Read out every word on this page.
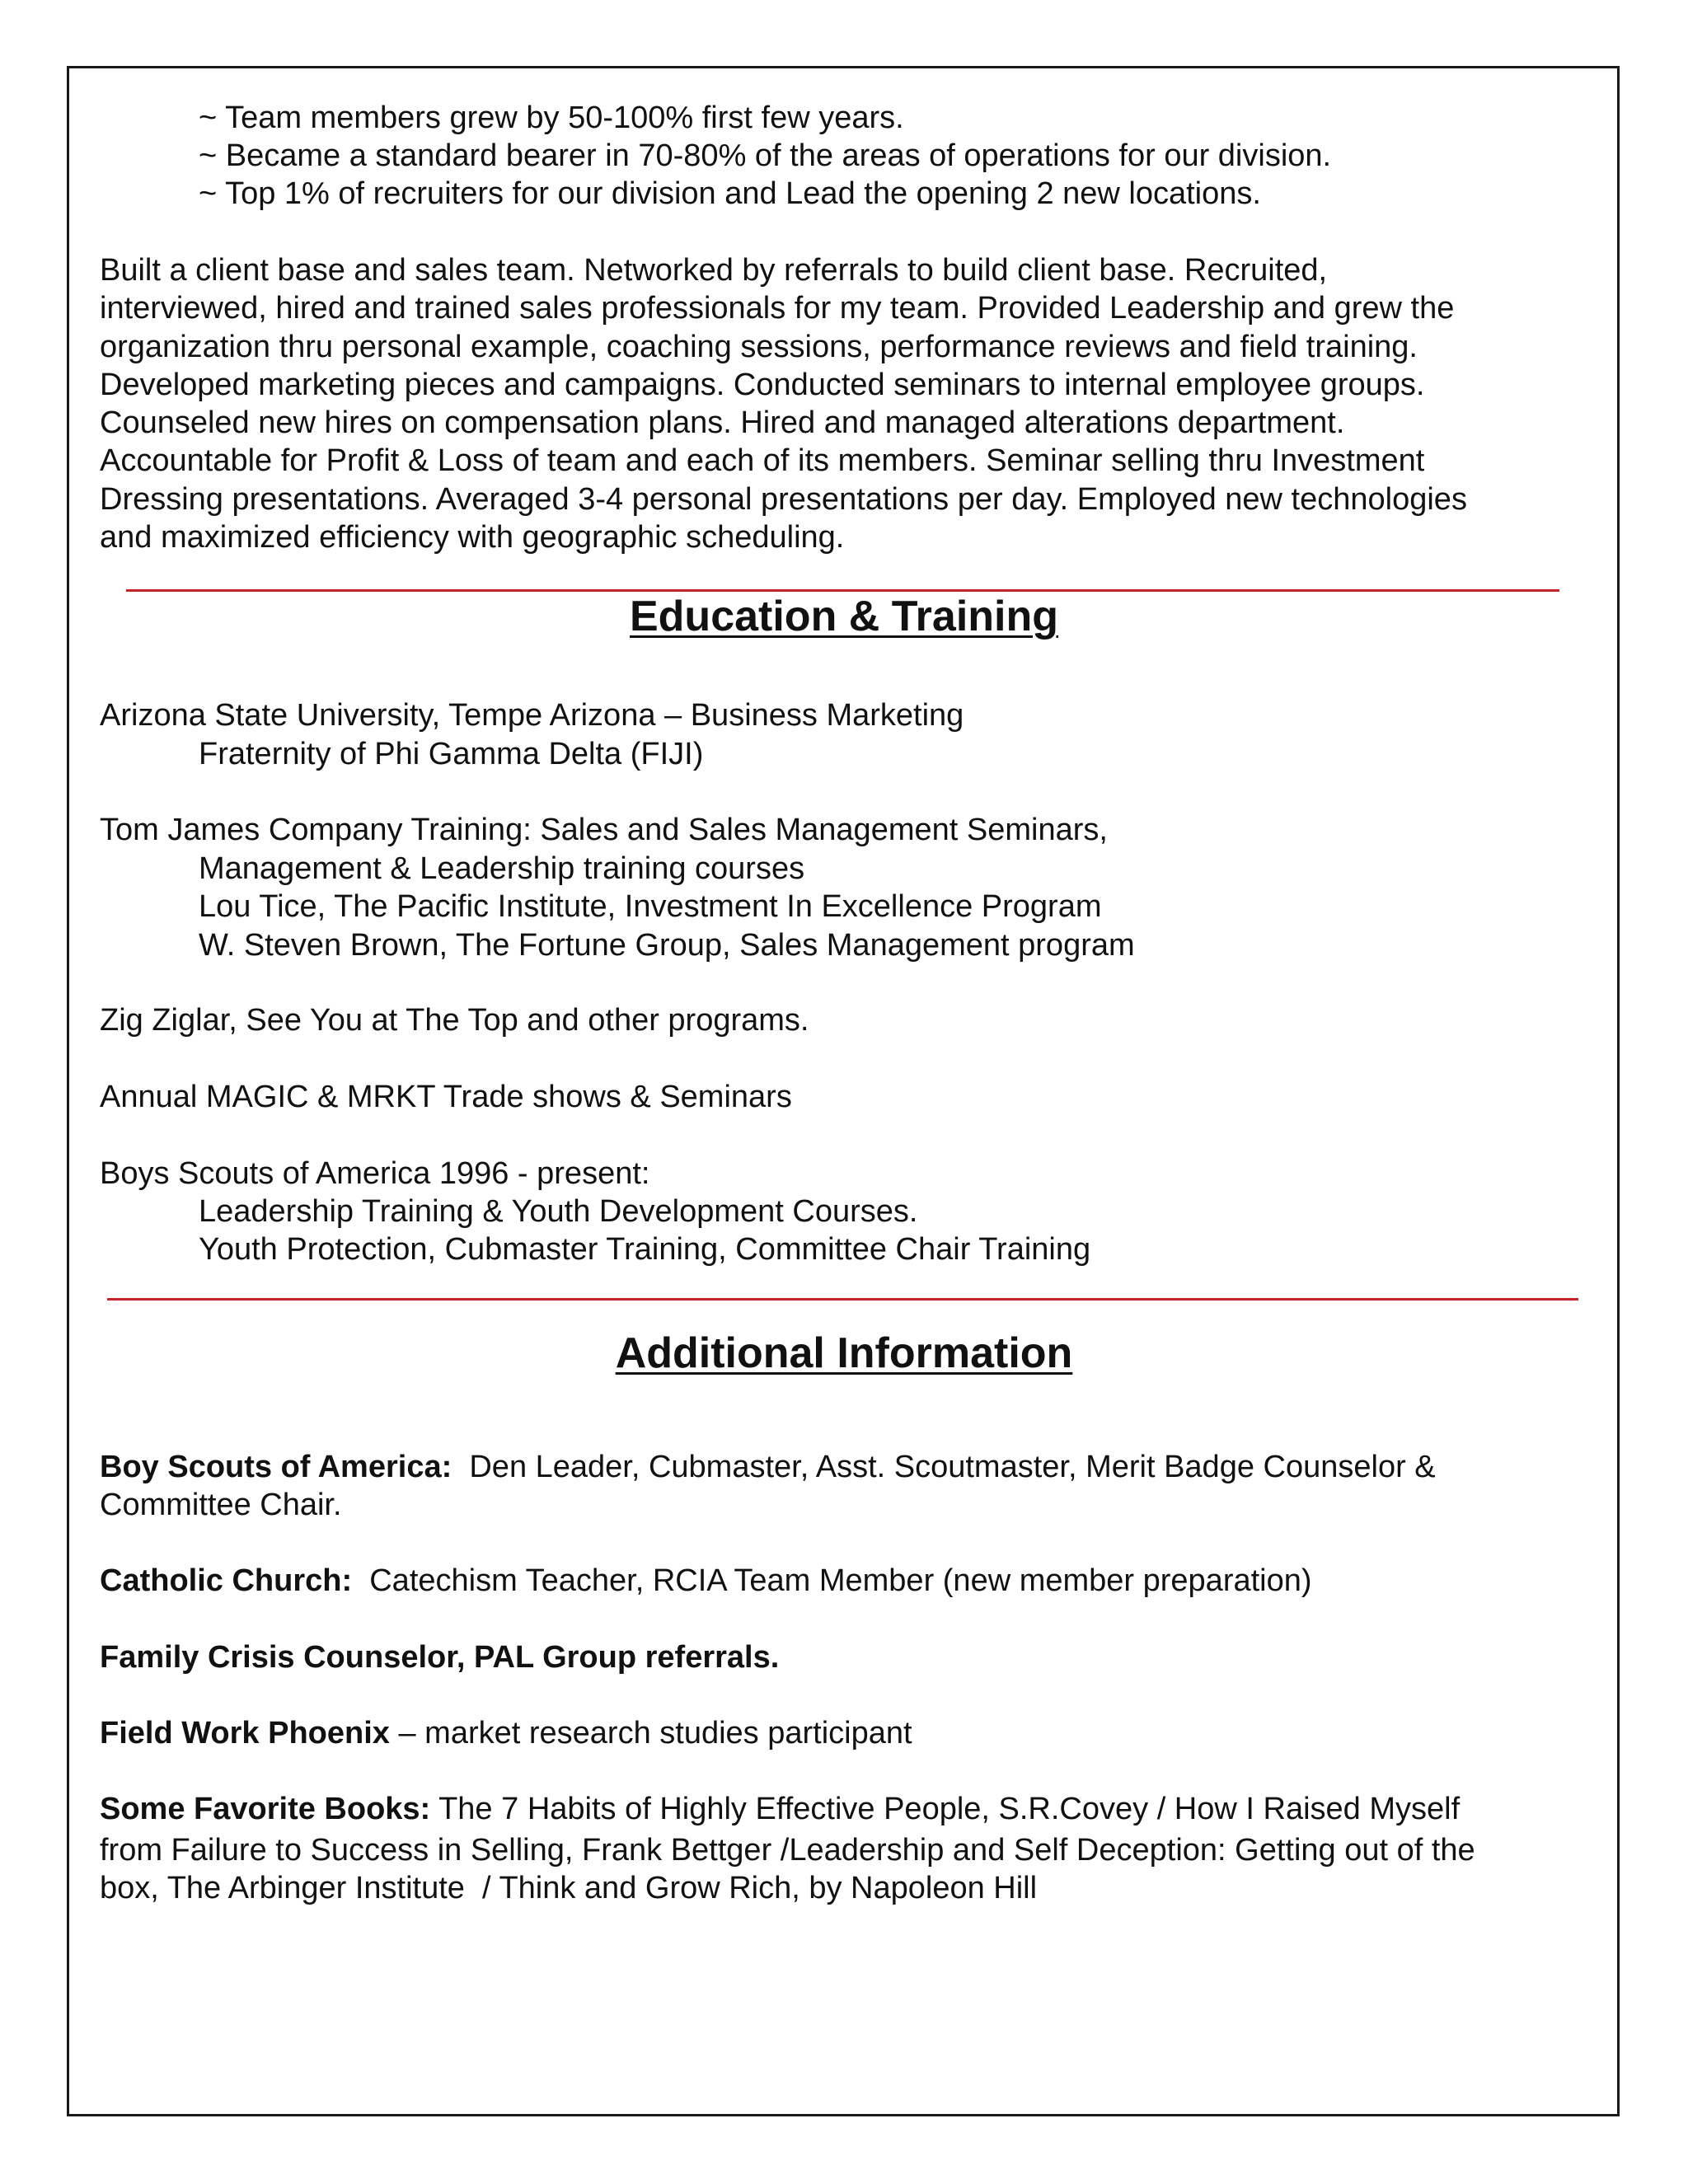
~ Team members grew by 50-100% first few years.
~ Became a standard bearer in 70-80% of the areas of operations for our division.
~ Top 1% of recruiters for our division and Lead the opening 2 new locations.
Built a client base and sales team. Networked by referrals to build client base. Recruited,
interviewed, hired and trained sales professionals for my team. Provided Leadership and grew the
organization thru personal example, coaching sessions, performance reviews and field training.
Developed marketing pieces and campaigns. Conducted seminars to internal employee groups.
Counseled new hires on compensation plans. Hired and managed alterations department.
Accountable for Profit & Loss of team and each of its members. Seminar selling thru Investment
Dressing presentations. Averaged 3-4 personal presentations per day. Employed new technologies
and maximized efficiency with geographic scheduling.
Education & Training
Arizona State University, Tempe Arizona – Business Marketing
Fraternity of Phi Gamma Delta (FIJI)
Tom James Company Training: Sales and Sales Management Seminars,
Management & Leadership training courses
Lou Tice, The Pacific Institute, Investment In Excellence Program
W. Steven Brown, The Fortune Group, Sales Management program
Zig Ziglar, See You at The Top and other programs.
Annual MAGIC & MRKT Trade shows & Seminars
Boys Scouts of America 1996 - present:
Leadership Training & Youth Development Courses.
Youth Protection, Cubmaster Training, Committee Chair Training
Additional Information
Boy Scouts of America:  Den Leader, Cubmaster, Asst. Scoutmaster, Merit Badge Counselor &
Committee Chair.
Catholic Church:  Catechism Teacher, RCIA Team Member (new member preparation)
Family Crisis Counselor, PAL Group referrals.
Field Work Phoenix – market research studies participant
Some Favorite Books: The 7 Habits of Highly Effective People, S.R.Covey / How I Raised Myself
from Failure to Success in Selling, Frank Bettger /Leadership and Self Deception: Getting out of the
box, The Arbinger Institute  / Think and Grow Rich, by Napoleon Hill
